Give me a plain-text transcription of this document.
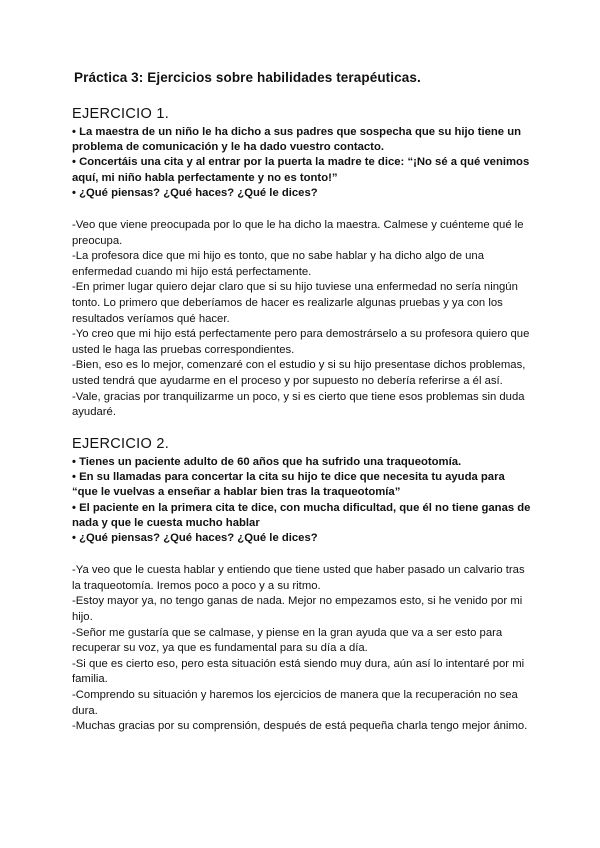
Práctica 3: Ejercicios sobre habilidades terapéuticas.
EJERCICIO 1.

• La maestra de un niño le ha dicho a sus padres que sospecha que su hijo tiene un problema de comunicación y le ha dado vuestro contacto.

• Concertáis una cita y al entrar por la puerta la madre te dice: “¡No sé a qué venimos aquí, mi niño habla perfectamente y no es tonto!”

• ¿Qué piensas? ¿Qué haces? ¿Qué le dices?

-Veo que viene preocupada por lo que le ha dicho la maestra. Calmese y cuénteme qué le preocupa.

-La profesora dice que mi hijo es tonto, que no sabe hablar y ha dicho algo de una enfermedad cuando mi hijo está perfectamente.

-En primer lugar quiero dejar claro que si su hijo tuviese una enfermedad no sería ningún tonto. Lo primero que deberíamos de hacer es realizarle algunas pruebas y ya con los resultados veríamos qué hacer.

-Yo creo que mi hijo está perfectamente pero para demostrárselo a su profesora quiero que usted le haga las pruebas correspondientes.

-Bien, eso es lo mejor, comenzaré con el estudio y si su hijo presentase dichos problemas, usted tendrá que ayudarme en el proceso y por supuesto no debería referirse a él así.

-Vale, gracias por tranquilizarme un poco, y si es cierto que tiene esos problemas sin duda ayudaré.

EJERCICIO 2.

• Tienes un paciente adulto de 60 años que ha sufrido una traqueotomía.

• En su llamadas para concertar la cita su hijo te dice que necesita tu ayuda para “que le vuelvas a enseñar a hablar bien tras la traqueotomía”

• El paciente en la primera cita te dice, con mucha dificultad, que él no tiene ganas de nada y que le cuesta mucho hablar

• ¿Qué piensas? ¿Qué haces? ¿Qué le dices?

-Ya veo que le cuesta hablar y entiendo que tiene usted que haber pasado un calvario tras la traqueotomía. Iremos poco a poco y a su ritmo.

-Estoy mayor ya, no tengo ganas de nada. Mejor no empezamos esto, si he venido por mi hijo.

-Señor me gustaría que se calmase, y piense en la gran ayuda que va a ser esto para recuperar su voz, ya que es fundamental para su día a día.

-Si que es cierto eso, pero esta situación está siendo muy dura, aún así lo intentaré por mi familia.

-Comprendo su situación y haremos los ejercicios de manera que la recuperación no sea dura.

-Muchas gracias por su comprensión, después de está pequeña charla tengo mejor ánimo.
